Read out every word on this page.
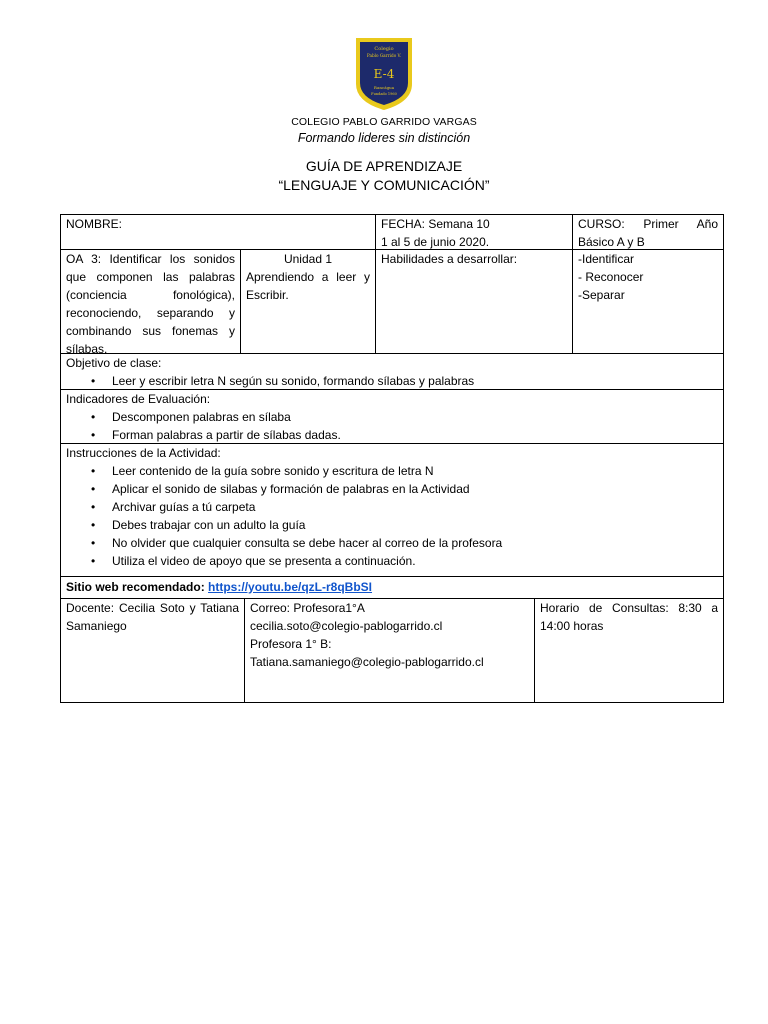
Colegio
Pablo Garrido V.
E-4
Rancágua
Fundado 1960
COLEGIO PABLO GARRIDO VARGAS
Formando lideres sin distinción
GUÍA DE APRENDIZAJE
“LENGUAJE Y COMUNICACIÓN”

NOMBRE:	FECHA: Semana 10

1 al 5 de junio 2020.

CURSO: Primer Año Básico A y B

OA 3: Identificar los sonidos que componen las palabras (conciencia fonológica), reconociendo, separando y combinando sus fonemas y sílabas.

Unidad 1

Aprendiendo a leer y Escribir.

Habilidades a desarrollar:	-Identificar

- Reconocer

-Separar

Objetivo de clase:

• Leer y escribir letra N según su sonido, formando sílabas y palabras

Indicadores de Evaluación:

• Descomponen palabras en sílaba
• Forman palabras a partir de sílabas dadas.

Instrucciones de la Actividad:

• Leer contenido de la guía sobre sonido y escritura de letra N
• Aplicar el sonido de silabas y formación de palabras en la Actividad
• Archivar guías a tú carpeta
• Debes trabajar con un adulto la guía
• No olvider que cualquier consulta se debe hacer al correo de la profesora
• Utiliza el video de apoyo que se presenta a continuación.

Sitio web recomendado: https://youtu.be/qzL-r8qBbSI

Docente: Cecilia Soto y Tatiana Samaniego

Correo: Profesora1°A

cecilia.soto@colegio-pablogarrido.cl

Profesora 1° B:

Tatiana.samaniego@colegio-pablogarrido.cl

Horario de Consultas: 8:30 a 14:00 horas
